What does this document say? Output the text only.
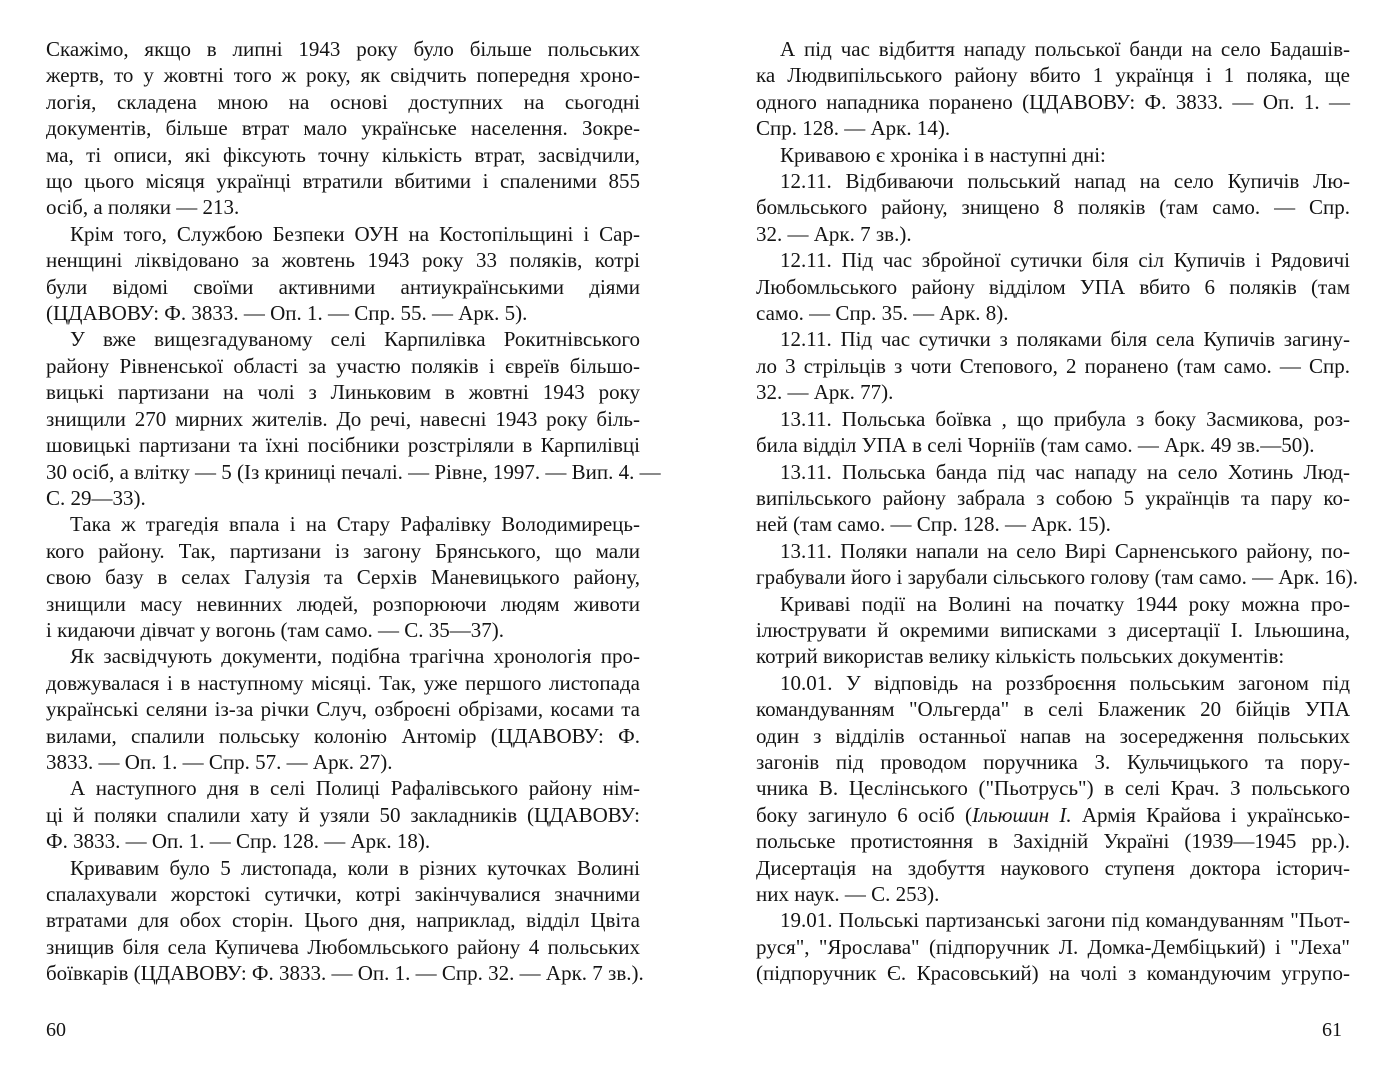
Скажімо, якщо в липні 1943 року було більше польських
жертв, то у жовтні того ж року, як свідчить попередня хроно-
логія, складена мною на основі доступних на сьогодні
документів, більше втрат мало українське населення. Зокре-
ма, ті описи, які фіксують точну кількість втрат, засвідчили,
що цього місяця українці втратили вбитими і спаленими 855
осіб, а поляки — 213.
Крім того, Службою Безпеки ОУН на Костопільщині і Сар-
ненщині ліквідовано за жовтень 1943 року 33 поляків, котрі
були відомі своїми активними антиукраїнськими діями
(ЦДАВОВУ: Ф. 3833. — Оп. 1. — Спр. 55. — Арк. 5).
У вже вищезгадуваному селі Карпилівка Рокитнівського
району Рівненської області за участю поляків і євреїв більшо-
вицькі партизани на чолі з Линьковим в жовтні 1943 року
знищили 270 мирних жителів. До речі, навесні 1943 року біль-
шовицькі партизани та їхні посібники розстріляли в Карпилівці
30 осіб, а влітку — 5 (Із криниці печалі. — Рівне, 1997. — Вип. 4. —
С. 29—33).
Така ж трагедія впала і на Стару Рафалівку Володимирець-
кого району. Так, партизани із загону Брянського, що мали
свою базу в селах Галузія та Серхів Маневицького району,
знищили масу невинних людей, розпорюючи людям животи
і кидаючи дівчат у вогонь (там само. — С. 35—37).
Як засвідчують документи, подібна трагічна хронологія про-
довжувалася і в наступному місяці. Так, уже першого листопада
українські селяни із-за річки Случ, озброєні обрізами, косами та
вилами, спалили польську колонію Антомір (ЦДАВОВУ: Ф.
3833. — Оп. 1. — Спр. 57. — Арк. 27).
А наступного дня в селі Полиці Рафалівського району нім-
ці й поляки спалили хату й узяли 50 закладників (ЦДАВОВУ:
Ф. 3833. — Оп. 1. — Спр. 128. — Арк. 18).
Кривавим було 5 листопада, коли в різних куточках Волині
спалахували жорстокі сутички, котрі закінчувалися значними
втратами для обох сторін. Цього дня, наприклад, відділ Цвіта
знищив біля села Купичева Любомльського району 4 польських
боївкарів (ЦДАВОВУ: Ф. 3833. — Оп. 1. — Спр. 32. — Арк. 7 зв.).
А під час відбиття нападу польської банди на село Бадашів-
ка Людвипільського району вбито 1 українця і 1 поляка, ще
одного нападника поранено (ЦДАВОВУ: Ф. 3833. — Оп. 1. —
Спр. 128. — Арк. 14).
Кривавою є хроніка і в наступні дні:
12.11. Відбиваючи польський напад на село Купичів Лю-
бомльського району, знищено 8 поляків (там само. — Спр.
32. — Арк. 7 зв.).
12.11. Під час збройної сутички біля сіл Купичів і Рядовичі
Любомльського району відділом УПА вбито 6 поляків (там
само. — Спр. 35. — Арк. 8).
12.11. Під час сутички з поляками біля села Купичів загину-
ло 3 стрільців з чоти Степового, 2 поранено (там само. — Спр.
32. — Арк. 77).
13.11. Польська боївка , що прибула з боку Засмикова, роз-
била відділ УПА в селі Чорніїв (там само. — Арк. 49 зв.—50).
13.11. Польська банда під час нападу на село Хотинь Люд-
випільського району забрала з собою 5 українців та пару ко-
ней (там само. — Спр. 128. — Арк. 15).
13.11. Поляки напали на село Вирі Сарненського району, по-
грабували його і зарубали сільського голову (там само. — Арк. 16).
Криваві події на Волині на початку 1944 року можна про-
ілюструвати й окремими виписками з дисертації І. Ільюшина,
котрий використав велику кількість польських документів:
10.01. У відповідь на роззброєння польським загоном під
командуванням "Ольгерда" в селі Блаженик 20 бійців УПА
один з відділів останньої напав на зосередження польських
загонів під проводом поручника З. Кульчицького та пору-
чника В. Цеслінського ("Пьотрусь") в селі Крач. З польського
боку загинуло 6 осіб (Ільюшин І. Армія Крайова і українсько-
польське протистояння в Західній Україні (1939—1945 рр.).
Дисертація на здобуття наукового ступеня доктора історич-
них наук. — С. 253).
19.01. Польські партизанські загони під командуванням "Пьот-
руся", "Ярослава" (підпоручник Л. Домка-Дембіцький) і "Леха"
(підпоручник Є. Красовський) на чолі з командуючим угрупо-
60	61
